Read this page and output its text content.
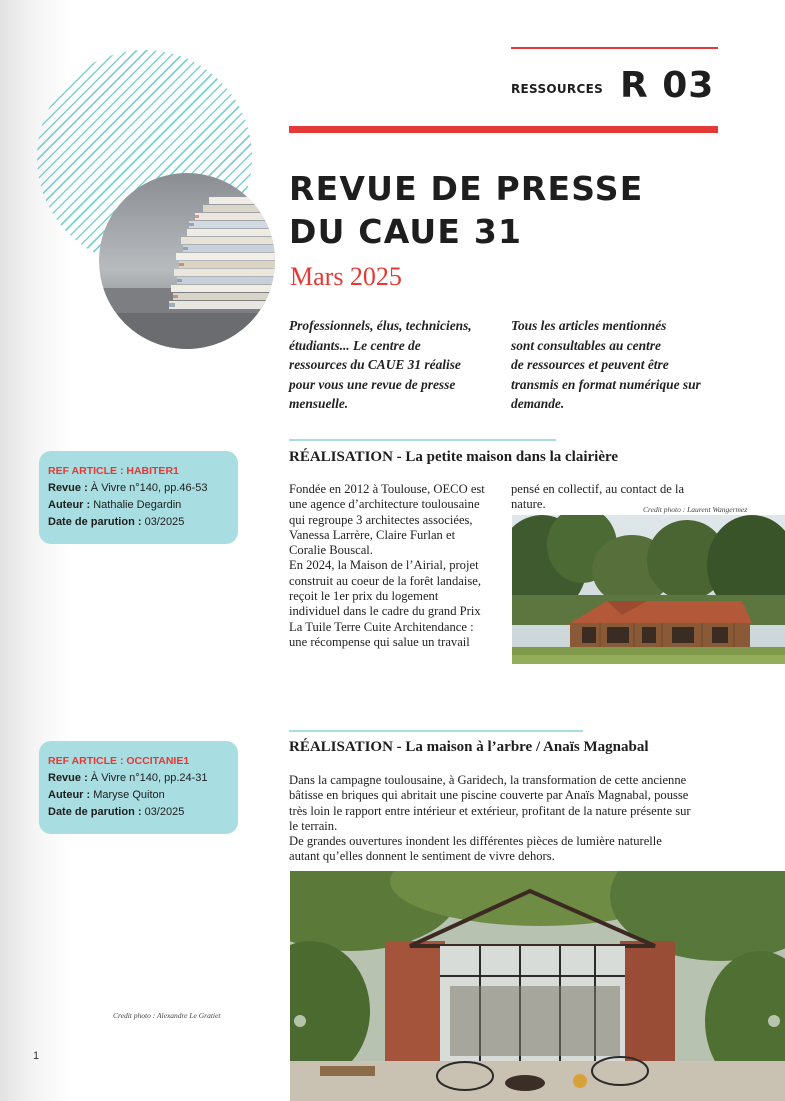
RESSOURCES R 03
REVUE DE PRESSE
DU CAUE 31
Mars 2025
Professionnels, élus, techniciens,
étudiants... Le centre de
ressources du CAUE 31 réalise
pour vous une revue de presse
mensuelle.
Tous les articles mentionnés
sont consultables au centre
de ressources et peuvent être
transmis en format numérique sur
demande.
RÉALISATION - La petite maison dans la clairière
REF ARTICLE : HABITER1
Revue : À Vivre n°140, pp.46-53
Auteur : Nathalie Degardin
Date de parution : 03/2025
Fondée en 2012 à Toulouse, OECO est
une agence d’architecture toulousaine
qui regroupe 3 architectes associées,
Vanessa Larrère, Claire Furlan et
Coralie Bouscal.
En 2024, la Maison de l’Airial, projet
construit au coeur de la forêt landaise,
reçoit le 1er prix du logement
individuel dans le cadre du grand Prix
La Tuile Terre Cuite Architendance :
une récompense qui salue un travail
pensé en collectif, au contact de la
nature.	Credit photo : Laurent Wangermez
RÉALISATION - La maison à l’arbre / Anaïs Magnabal
REF ARTICLE : OCCITANIE1
Revue : À Vivre n°140, pp.24-31
Auteur : Maryse Quiton
Date de parution : 03/2025
Dans la campagne toulousaine, à Garidech, la transformation de cette ancienne
bâtisse en briques qui abritait une piscine couverte par Anaïs Magnabal, pousse
très loin le rapport entre intérieur et extérieur, profitant de la nature présente sur
le terrain.
De grandes ouvertures inondent les différentes pièces de lumière naturelle
autant qu’elles donnent le sentiment de vivre dehors.
Credit photo : Alexandre Le Gratiet
1
